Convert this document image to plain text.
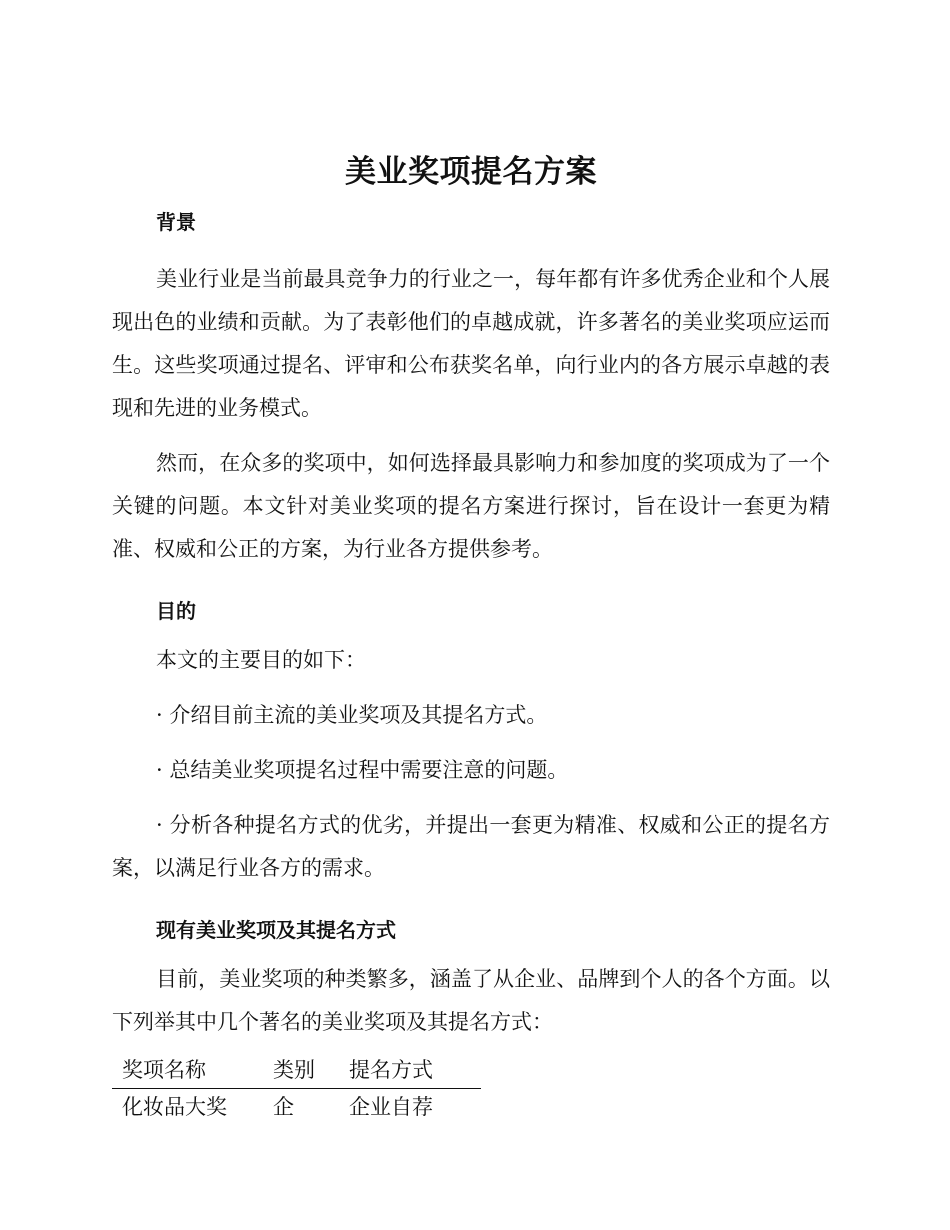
美业奖项提名方案
背景

美业行业是当前最具竞争力的行业之一，每年都有许多优秀企业和个人展现出色的业绩和贡献。为了表彰他们的卓越成就，许多著名的美业奖项应运而生。这些奖项通过提名、评审和公布获奖名单，向行业内的各方展示卓越的表现和先进的业务模式。

然而，在众多的奖项中，如何选择最具影响力和参加度的奖项成为了一个关键的问题。本文针对美业奖项的提名方案进行探讨，旨在设计一套更为精准、权威和公正的方案，为行业各方提供参考。

目的

本文的主要目的如下：

· 介绍目前主流的美业奖项及其提名方式。

· 总结美业奖项提名过程中需要注意的问题。

· 分析各种提名方式的优劣，并提出一套更为精准、权威和公正的提名方案，以满足行业各方的需求。

现有美业奖项及其提名方式

目前，美业奖项的种类繁多，涵盖了从企业、品牌到个人的各个方面。以下列举其中几个著名的美业奖项及其提名方式：

奖项名称	类别	提名方式
化妆品大奖	企	企业自荐
